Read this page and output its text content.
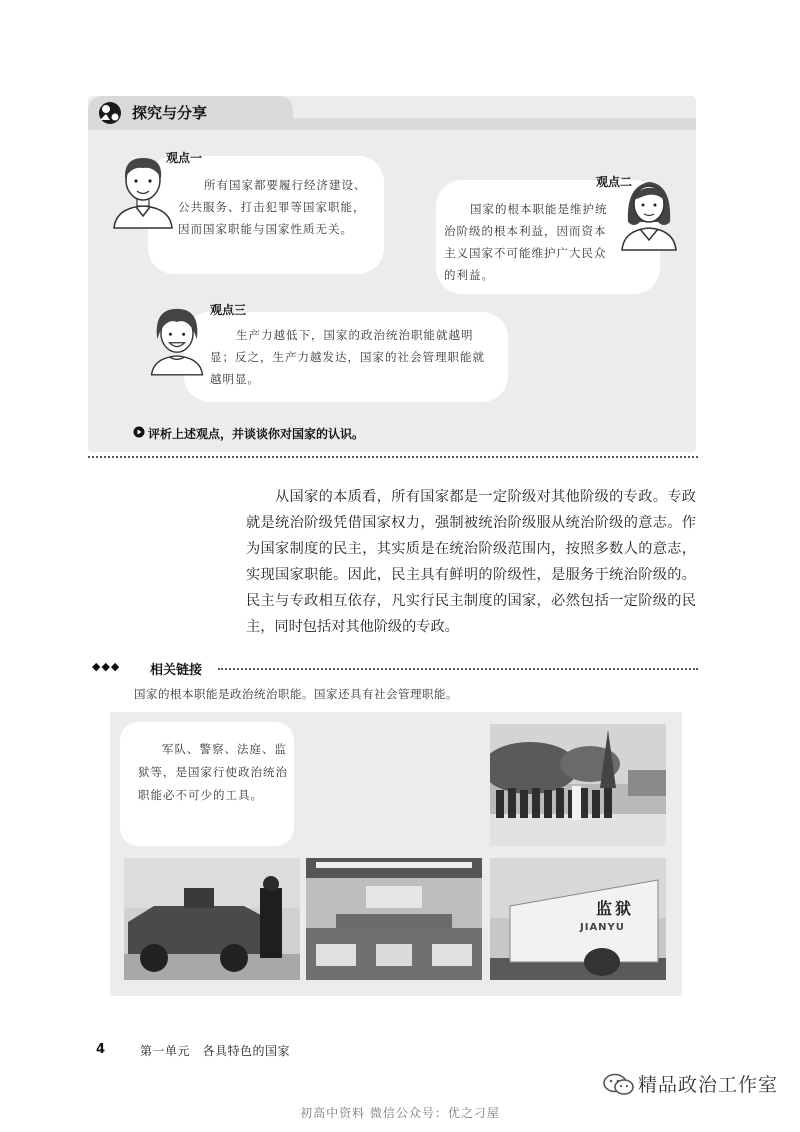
探究与分享
观点一
所有国家都要履行经济建设、公共服务、打击犯罪等国家职能，因而国家职能与国家性质无关。
观点二
国家的根本职能是维护统治阶级的根本利益，因而资本主义国家不可能维护广大民众的利益。
观点三
生产力越低下，国家的政治统治职能就越明显；反之，生产力越发达，国家的社会管理职能就越明显。
评析上述观点，并谈谈你对国家的认识。
从国家的本质看，所有国家都是一定阶级对其他阶级的专政。专政就是统治阶级凭借国家权力，强制被统治阶级服从统治阶级的意志。作为国家制度的民主，其实质是在统治阶级范围内，按照多数人的意志，实现国家职能。因此，民主具有鲜明的阶级性，是服务于统治阶级的。民主与专政相互依存，凡实行民主制度的国家，必然包括一定阶级的民主，同时包括对其他阶级的专政。
◆◆◆ 相关链接
国家的根本职能是政治统治职能。国家还具有社会管理职能。
军队、警察、法庭、监狱等，是国家行使政治统治职能必不可少的工具。
监狱
JIANYU
4	第一单元　各具特色的国家
精品政治工作室
初高中资料 微信公众号：优之刁屋
